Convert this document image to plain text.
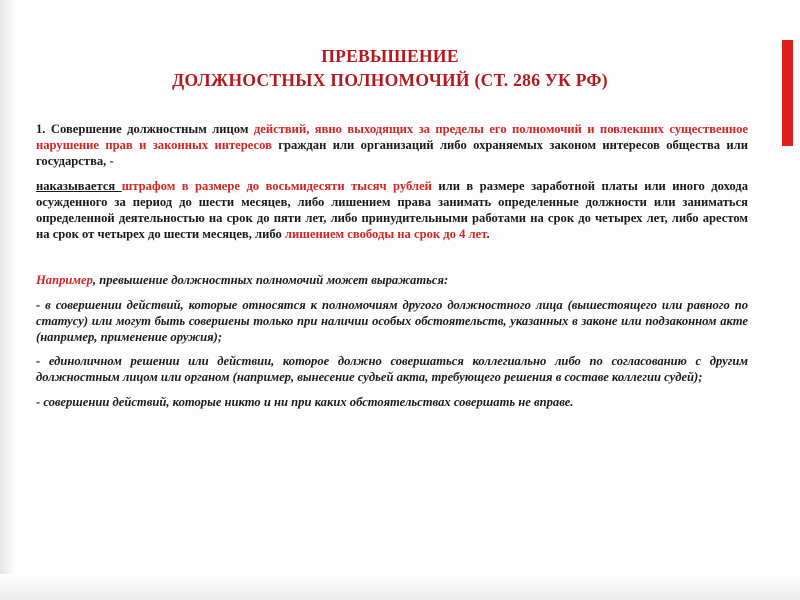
ПРЕВЫШЕНИЕ
ДОЛЖНОСТНЫХ ПОЛНОМОЧИЙ (СТ. 286 УК РФ)

1. Совершение должностным лицом действий, явно выходящих за пределы его полномочий и повлекших существенное нарушение прав и законных интересов граждан или организаций либо охраняемых законом интересов общества или государства, -

наказывается штрафом в размере до восьмидесяти тысяч рублей или в размере заработной платы или иного дохода осужденного за период до шести месяцев, либо лишением права занимать определенные должности или заниматься определенной деятельностью на срок до пяти лет, либо принудительными работами на срок до четырех лет, либо арестом на срок от четырех до шести месяцев, либо лишением свободы на срок до 4 лет.

Например, превышение должностных полномочий может выражаться:

- в совершении действий, которые относятся к полномочиям другого должностного лица (вышестоящего или равного по статусу) или могут быть совершены только при наличии особых обстоятельств, указанных в законе или подзаконном акте (например, применение оружия);

- единоличном решении или действии, которое должно совершаться коллегиально либо по согласованию с другим должностным лицом или органом (например, вынесение судьей акта, требующего решения в составе коллегии судей);

- совершении действий, которые никто и ни при каких обстоятельствах совершать не вправе.
